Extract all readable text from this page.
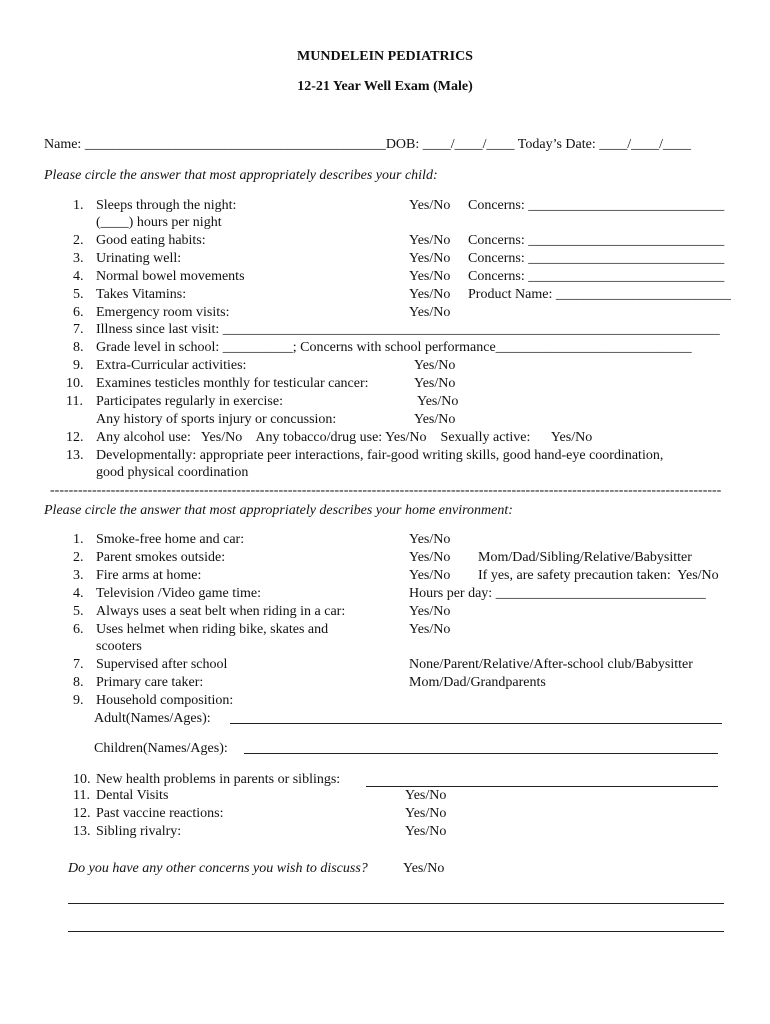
MUNDELEIN PEDIATRICS
12-21 Year Well Exam (Male)
Name: ___________________________________________DOB: ____/____/____ Today’s Date: ____/____/____
Please circle the answer that most appropriately describes your child:
1. Sleeps through the night:	Yes/No Concerns: ____________________________
(____) hours per night
2. Good eating habits:	Yes/No Concerns: ____________________________
3. Urinating well:	Yes/No Concerns: ____________________________
4. Normal bowel movements	Yes/No Concerns: ____________________________
5. Takes Vitamins:	Yes/No Product Name: _________________________
6. Emergency room visits:	Yes/No
7. Illness since last visit: _______________________________________________________________________
8. Grade level in school: __________; Concerns with school performance____________________________
9. Extra-Curricular activities:	Yes/No
10. Examines testicles monthly for testicular cancer:	Yes/No
11. Participates regularly in exercise:	Yes/No
Any history of sports injury or concussion:	Yes/No
12. Any alcohol use:   Yes/No    Any tobacco/drug use: Yes/No    Sexually active:      Yes/No
13. Developmentally: appropriate peer interactions, fair-good writing skills, good hand-eye coordination,
good physical coordination
------------------------------------------------------------------------------------------------------------------------------------------------
Please circle the answer that most appropriately describes your home environment:
1. Smoke-free home and car:	Yes/No
2. Parent smokes outside:	Yes/No Mom/Dad/Sibling/Relative/Babysitter
3. Fire arms at home:	Yes/No If yes, are safety precaution taken:  Yes/No
4. Television /Video game time:	Hours per day: ______________________________
5. Always uses a seat belt when riding in a car:	Yes/No
6. Uses helmet when riding bike, skates and	Yes/No
scooters
7. Supervised after school	None/Parent/Relative/After-school club/Babysitter
8. Primary care taker:	Mom/Dad/Grandparents
9. Household composition:
Adult(Names/Ages):
Children(Names/Ages):
10. New health problems in parents or siblings:
11. Dental Visits	Yes/No
12. Past vaccine reactions:	Yes/No
13. Sibling rivalry:	Yes/No
Do you have any other concerns you wish to discuss?	Yes/No
